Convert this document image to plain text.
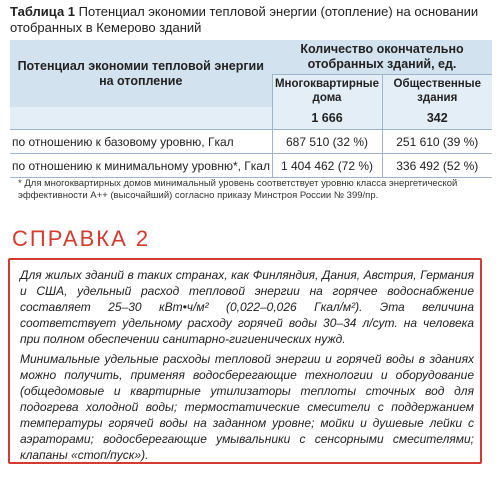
Таблица 1 Потенциал экономии тепловой энергии (отопление) на основании отобранных в Кемерово зданий
Потенциал экономии тепловой энергии на отопление	Количество окончательно отобранных зданий, ед.	
	Многоквартирные дома	Общественные здания
	1 666	342
по отношению к базовому уровню, Гкал	687 510 (32 %)	251 610 (39 %)
по отношению к минимальному уровню*, Гкал	1 404 462 (72 %)	336 492 (52 %)
* Для многоквартирных домов минимальный уровень соответствует уровню класса энергетической эффективности А++ (высочайший) согласно приказу Минстроя России № 399/пр.
СПРАВКА 2

Для жилых зданий в таких странах, как Финляндия, Дания, Австрия, Германия и США, удельный расход тепловой энергии на горячее водоснабжение составляет 25–30 кВт•ч/м² (0,022–0,026 Гкал/м²). Эта величина соответствует удельному расходу горячей воды 30–34 л/сут. на человека при полном обеспечении санитарно-гигиенических нужд.

Минимальные удельные расходы тепловой энергии и горячей воды в зданиях можно получить, применяя водосберегающие технологии и оборудование (общедомовые и квартирные утилизаторы теплоты сточных вод для подогрева холодной воды; термостатические смесители с поддержанием температуры горячей воды на заданном уровне; мойки и душевые лейки с аэраторами; водосберегающие умывальники с сенсорными смесителями; клапаны «стоп/пуск»).
